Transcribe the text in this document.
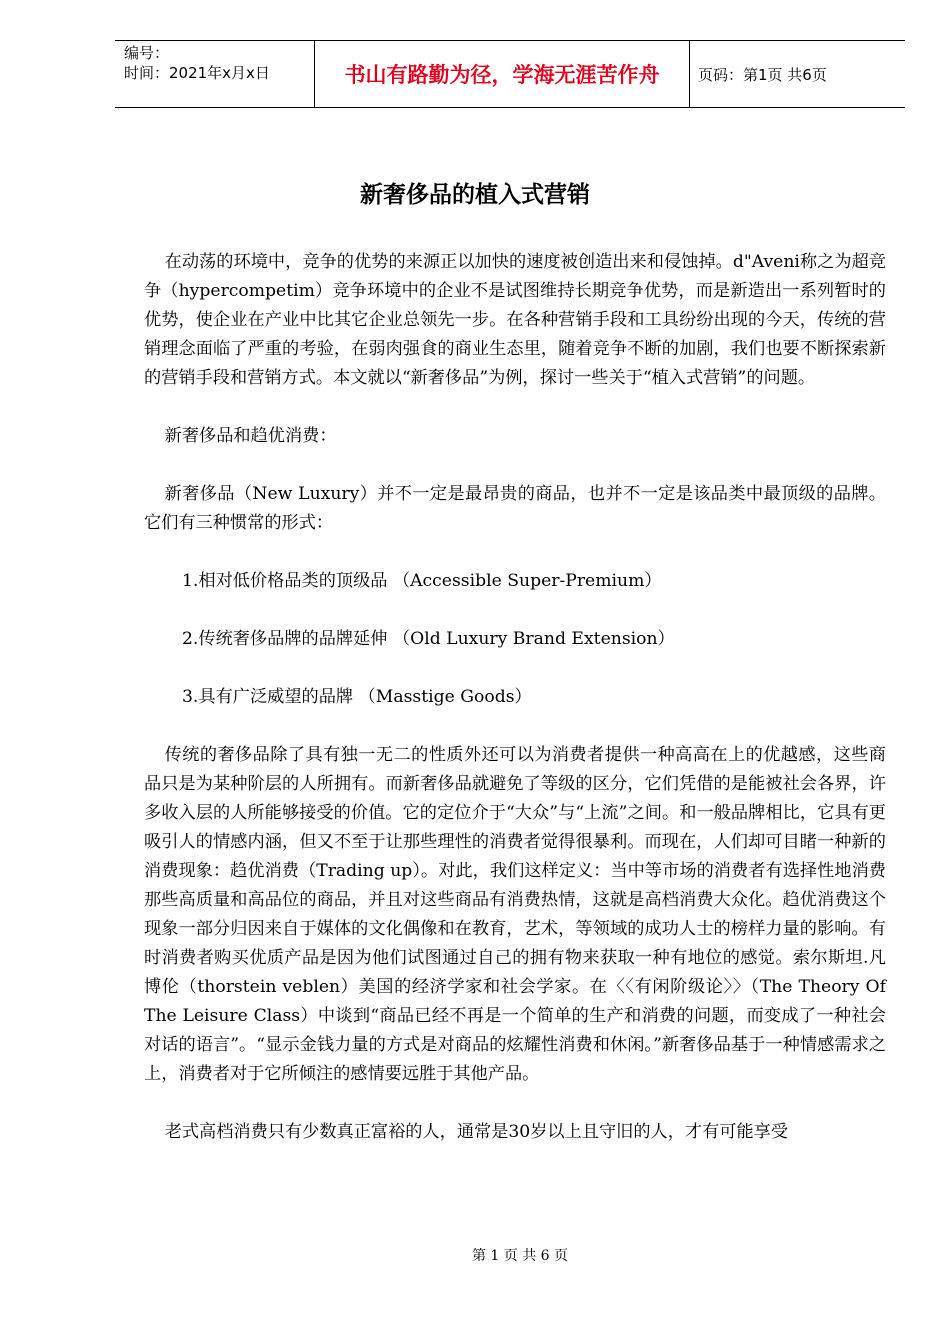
编号：
时间：2021年x月x日	书山有路勤为径，学海无涯苦作舟	页码：第1页 共6页
新奢侈品的植入式营销

在动荡的环境中，竞争的优势的来源正以加快的速度被创造出来和侵蚀掉。d"Aveni称之为超竞争（hypercompetim）竞争环境中的企业不是试图维持长期竞争优势，而是新造出一系列暂时的优势，使企业在产业中比其它企业总领先一步。在各种营销手段和工具纷纷出现的今天，传统的营销理念面临了严重的考验，在弱肉强食的商业生态里，随着竞争不断的加剧，我们也要不断探索新的营销手段和营销方式。本文就以“新奢侈品”为例，探讨一些关于“植入式营销”的问题。

新奢侈品和趋优消费：

新奢侈品（New Luxury）并不一定是最昂贵的商品，也并不一定是该品类中最顶级的品牌。它们有三种惯常的形式：

1.相对低价格品类的顶级品 （Accessible Super-Premium）

2.传统奢侈品牌的品牌延伸 （Old Luxury Brand Extension）

3.具有广泛威望的品牌 （Masstige Goods）

传统的奢侈品除了具有独一无二的性质外还可以为消费者提供一种高高在上的优越感，这些商品只是为某种阶层的人所拥有。而新奢侈品就避免了等级的区分，它们凭借的是能被社会各界，许多收入层的人所能够接受的价值。它的定位介于“大众”与“上流”之间。和一般品牌相比，它具有更吸引人的情感内涵，但又不至于让那些理性的消费者觉得很暴利。而现在，人们却可目睹一种新的消费现象：趋优消费（Trading up）。对此，我们这样定义：当中等市场的消费者有选择性地消费那些高质量和高品位的商品，并且对这些商品有消费热情，这就是高档消费大众化。趋优消费这个现象一部分归因来自于媒体的文化偶像和在教育，艺术，等领域的成功人士的榜样力量的影响。有时消费者购买优质产品是因为他们试图通过自己的拥有物来获取一种有地位的感觉。索尔斯坦.凡博伦（thorstein veblen）美国的经济学家和社会学家。在〈〈有闲阶级论〉〉（The Theory Of The Leisure Class）中谈到“商品已经不再是一个简单的生产和消费的问题，而变成了一种社会对话的语言”。“显示金钱力量的方式是对商品的炫耀性消费和休闲。”新奢侈品基于一种情感需求之上，消费者对于它所倾注的感情要远胜于其他产品。

老式高档消费只有少数真正富裕的人，通常是30岁以上且守旧的人，才有可能享受

第 1 页 共 6 页
